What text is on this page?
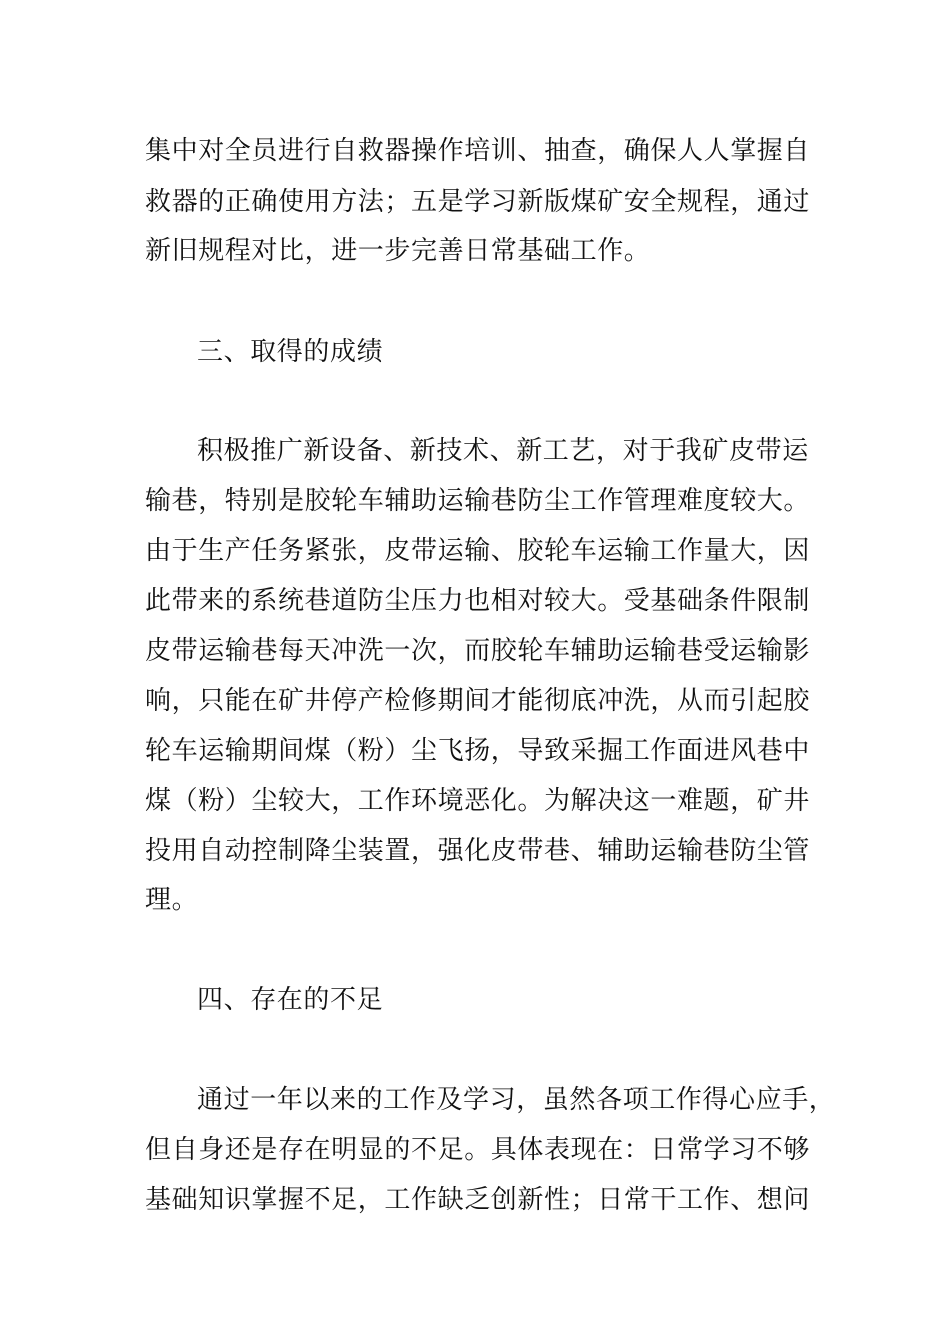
集中对全员进行自救器操作培训、抽查，确保人人掌握自
救器的正确使用方法；五是学习新版煤矿安全规程，通过
新旧规程对比，进一步完善日常基础工作。
三、取得的成绩
积极推广新设备、新技术、新工艺，对于我矿皮带运
输巷，特别是胶轮车辅助运输巷防尘工作管理难度较大。
由于生产任务紧张，皮带运输、胶轮车运输工作量大，因
此带来的系统巷道防尘压力也相对较大。受基础条件限制
皮带运输巷每天冲洗一次，而胶轮车辅助运输巷受运输影
响，只能在矿井停产检修期间才能彻底冲洗，从而引起胶
轮车运输期间煤（粉）尘飞扬，导致采掘工作面进风巷中
煤（粉）尘较大，工作环境恶化。为解决这一难题，矿井
投用自动控制降尘装置，强化皮带巷、辅助运输巷防尘管
理。
四、存在的不足
通过一年以来的工作及学习，虽然各项工作得心应手，
但自身还是存在明显的不足。具体表现在：日常学习不够
基础知识掌握不足，工作缺乏创新性；日常干工作、想问
